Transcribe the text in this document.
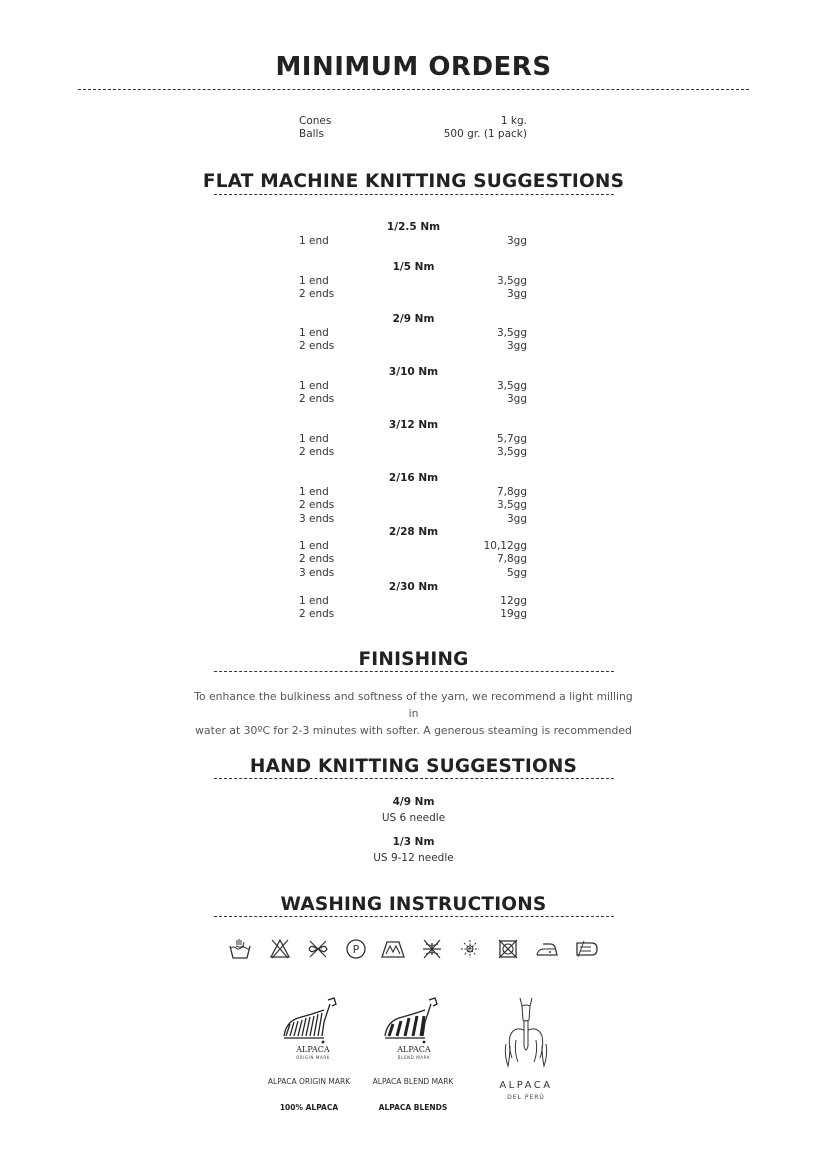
MINIMUM ORDERS
Cones	1 kg.
Balls	500 gr. (1 pack)
FLAT MACHINE KNITTING SUGGESTIONS
1/2.5 Nm
1 end	3gg
1/5 Nm
1 end	3,5gg
2 ends	3gg
2/9 Nm
1 end	3,5gg
2 ends	3gg
3/10 Nm
1 end	3,5gg
2 ends	3gg
3/12 Nm
1 end	5,7gg
2 ends	3,5gg
2/16 Nm
1 end	7,8gg
2 ends	3,5gg
3 ends	3gg
2/28 Nm
1 end	10,12gg
2 ends	7,8gg
3 ends	5gg
2/30 Nm
1 end	12gg
2 ends	19gg
FINISHING
To enhance the bulkiness and softness of the yarn, we recommend a light milling in
water at 30ºC for 2-3 minutes with softer. A generous steaming is recommended
HAND KNITTING SUGGESTIONS
4/9 Nm
US 6 needle
1/3 Nm
US 9-12 needle
WASHING INSTRUCTIONS
P
ALPACA
ORIGIN MARK
ALPACA ORIGIN MARK
100% ALPACA
ALPACA
BLEND MARK
ALPACA BLEND MARK
ALPACA BLENDS
ALPACA
DEL PERÚ
